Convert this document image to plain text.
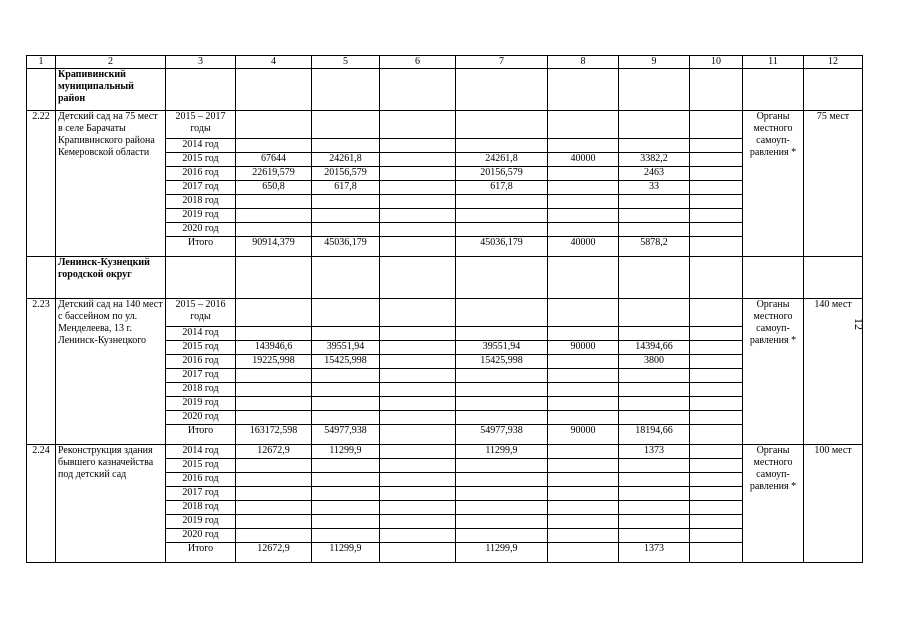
1	2	3	4	5	6	7	8	9	10	11	12
	Крапивинский муниципальный район										
2.22	Детский сад на 75 мест в селе Барачаты Крапивинского района Кемеровской области	2015 – 2017 годы								Органы местного самоуп-равления *	75 мест
		2014 год									
		2015 год	67644	24261,8		24261,8	40000	3382,2			
		2016 год	22619,579	20156,579		20156,579		2463			
		2017 год	650,8	617,8		617,8		33			
		2018 год									
		2019 год									
		2020 год									
		Итого	90914,379	45036,179		45036,179	40000	5878,2			
	Ленинск-Кузнецкий городской округ										
2.23	Детский сад на 140 мест с бассейном по ул. Менделеева, 13 г. Ленинск-Кузнецкого	2015 – 2016 годы								Органы местного самоуп-равления *	140 мест
		2014 год									
		2015 год	143946,6	39551,94		39551,94	90000	14394,66			
		2016 год	19225,998	15425,998		15425,998		3800			
		2017 год									
		2018 год									
		2019 год									
		2020 год									
		Итого	163172,598	54977,938		54977,938	90000	18194,66			
2.24	Реконструкция здания бывшего казначейства под детский сад	2014 год	12672,9	11299,9		11299,9		1373		Органы местного самоуп-равления *	100 мест
		2015 год									
		2016 год									
		2017 год									
		2018 год									
		2019 год									
		2020 год									
		Итого	12672,9	11299,9		11299,9		1373			
12
